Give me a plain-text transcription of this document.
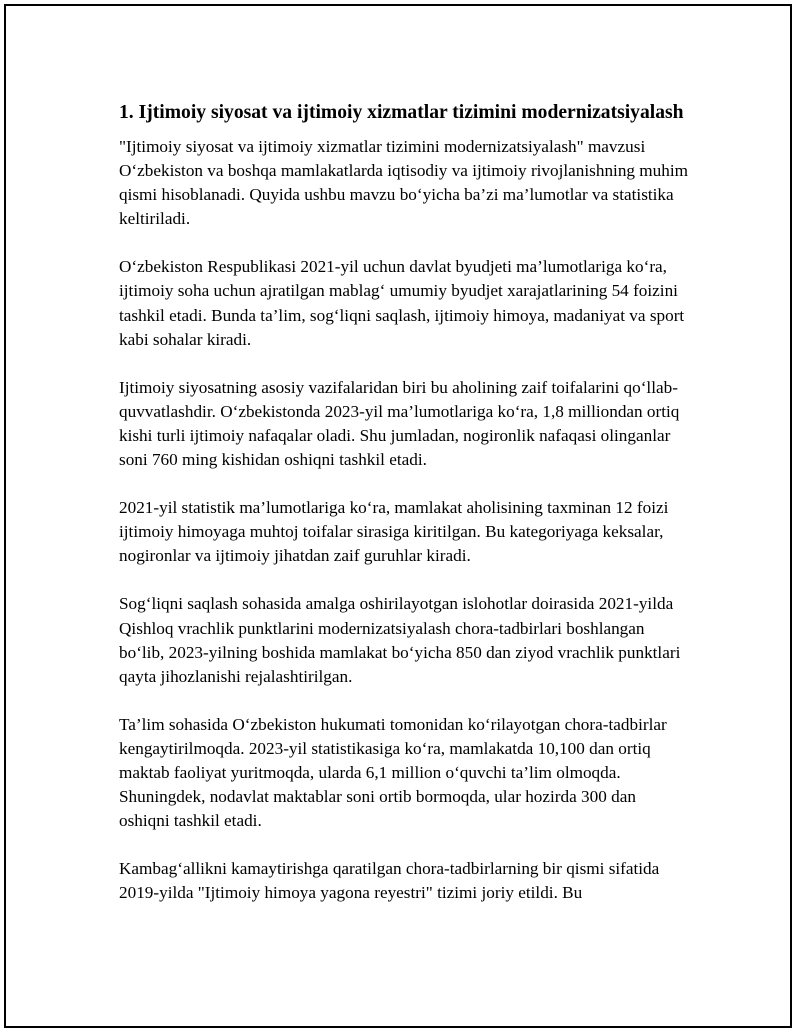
1. Ijtimoiy siyosat va ijtimoiy xizmatlar tizimini modernizatsiyalash

"Ijtimoiy siyosat va ijtimoiy xizmatlar tizimini modernizatsiyalash" mavzusi O‘zbekiston va boshqa mamlakatlarda iqtisodiy va ijtimoiy rivojlanishning muhim qismi hisoblanadi. Quyida ushbu mavzu bo‘yicha ba’zi ma’lumotlar va statistika keltiriladi.

O‘zbekiston Respublikasi 2021-yil uchun davlat byudjeti ma’lumotlariga ko‘ra, ijtimoiy soha uchun ajratilgan mablag‘ umumiy byudjet xarajatlarining 54 foizini tashkil etadi. Bunda ta’lim, sog‘liqni saqlash, ijtimoiy himoya, madaniyat va sport kabi sohalar kiradi.

Ijtimoiy siyosatning asosiy vazifalaridan biri bu aholining zaif toifalarini qo‘llab-quvvatlashdir. O‘zbekistonda 2023-yil ma’lumotlariga ko‘ra, 1,8 milliondan ortiq kishi turli ijtimoiy nafaqalar oladi. Shu jumladan, nogironlik nafaqasi olinganlar soni 760 ming kishidan oshiqni tashkil etadi.

2021-yil statistik ma’lumotlariga ko‘ra, mamlakat aholisining taxminan 12 foizi ijtimoiy himoyaga muhtoj toifalar sirasiga kiritilgan. Bu kategoriyaga keksalar, nogironlar va ijtimoiy jihatdan zaif guruhlar kiradi.

Sog‘liqni saqlash sohasida amalga oshirilayotgan islohotlar doirasida 2021-yilda Qishloq vrachlik punktlarini modernizatsiyalash chora-tadbirlari boshlangan bo‘lib, 2023-yilning boshida mamlakat bo‘yicha 850 dan ziyod vrachlik punktlari qayta jihozlanishi rejalashtirilgan.

Ta’lim sohasida O‘zbekiston hukumati tomonidan ko‘rilayotgan chora-tadbirlar kengaytirilmoqda. 2023-yil statistikasiga ko‘ra, mamlakatda 10,100 dan ortiq maktab faoliyat yuritmoqda, ularda 6,1 million o‘quvchi ta’lim olmoqda. Shuningdek, nodavlat maktablar soni ortib bormoqda, ular hozirda 300 dan oshiqni tashkil etadi.

Kambag‘allikni kamaytirishga qaratilgan chora-tadbirlarning bir qismi sifatida 2019-yilda "Ijtimoiy himoya yagona reyestri" tizimi joriy etildi. Bu
